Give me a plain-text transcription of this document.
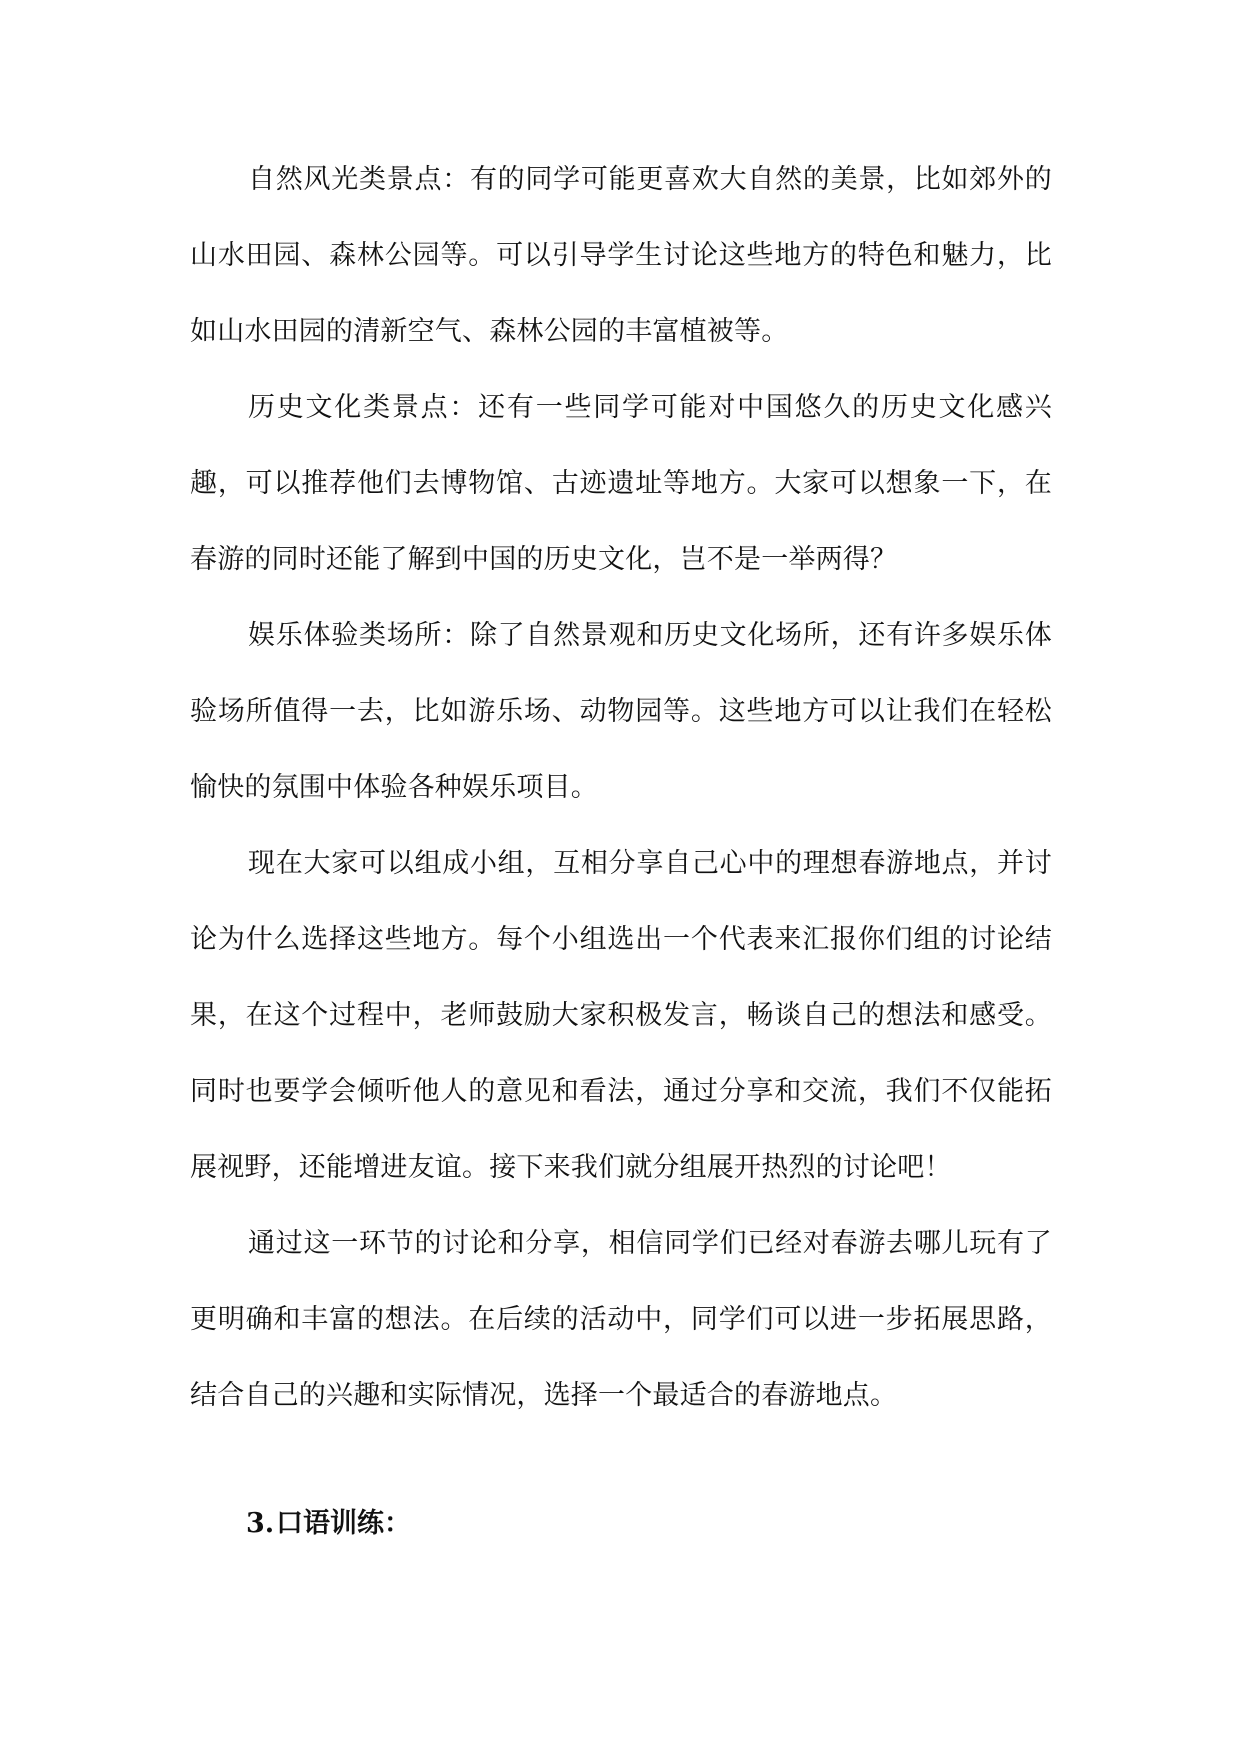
自然风光类景点：有的同学可能更喜欢大自然的美景，比如郊外的山水田园、森林公园等。可以引导学生讨论这些地方的特色和魅力，比如山水田园的清新空气、森林公园的丰富植被等。

历史文化类景点：还有一些同学可能对中国悠久的历史文化感兴趣，可以推荐他们去博物馆、古迹遗址等地方。大家可以想象一下，在春游的同时还能了解到中国的历史文化，岂不是一举两得？

娱乐体验类场所：除了自然景观和历史文化场所，还有许多娱乐体验场所值得一去，比如游乐场、动物园等。这些地方可以让我们在轻松愉快的氛围中体验各种娱乐项目。

现在大家可以组成小组，互相分享自己心中的理想春游地点，并讨论为什么选择这些地方。每个小组选出一个代表来汇报你们组的讨论结果，在这个过程中，老师鼓励大家积极发言，畅谈自己的想法和感受。同时也要学会倾听他人的意见和看法，通过分享和交流，我们不仅能拓展视野，还能增进友谊。接下来我们就分组展开热烈的讨论吧！

通过这一环节的讨论和分享，相信同学们已经对春游去哪儿玩有了更明确和丰富的想法。在后续的活动中，同学们可以进一步拓展思路，结合自己的兴趣和实际情况，选择一个最适合的春游地点。

3.口语训练：
